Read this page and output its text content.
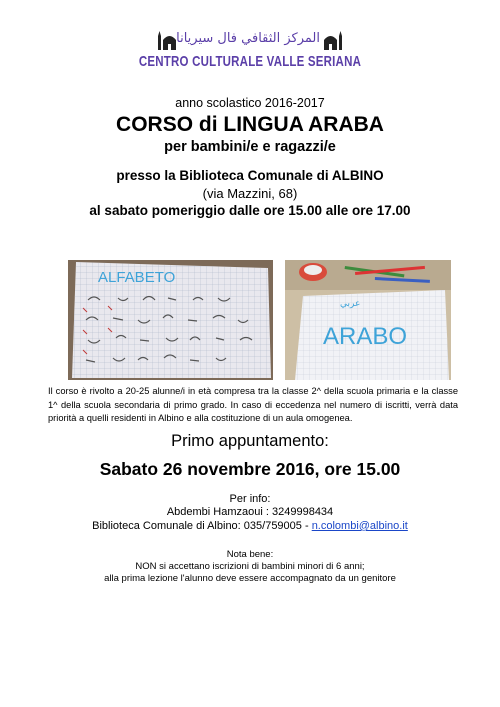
المركز الثقافي فال سيريانا
CENTRO CULTURALE VALLE SERIANA
anno scolastico 2016-2017
CORSO di LINGUA ARABA
per bambini/e e ragazzi/e
presso la Biblioteca Comunale di ALBINO
(via Mazzini, 68)
al sabato pomeriggio dalle ore 15.00 alle ore 17.00
ALFABETO
عربي
ARABO
Il corso è rivolto a 20-25 alunne/i in età compresa tra la classe 2^ della scuola primaria e la classe 1^ della scuola secondaria di primo grado. In caso di eccedenza nel numero di iscritti, verrà data priorità a quelli residenti in Albino e alla costituzione di un aula omogenea.
Primo appuntamento:
Sabato 26 novembre 2016, ore 15.00
Per info:
Abdembi Hamzaoui : 3249998434
Biblioteca Comunale di Albino: 035/759005 - n.colombi@albino.it
Nota bene:
NON si accettano iscrizioni di bambini minori di 6 anni;
alla prima lezione l'alunno deve essere accompagnato da un genitore
